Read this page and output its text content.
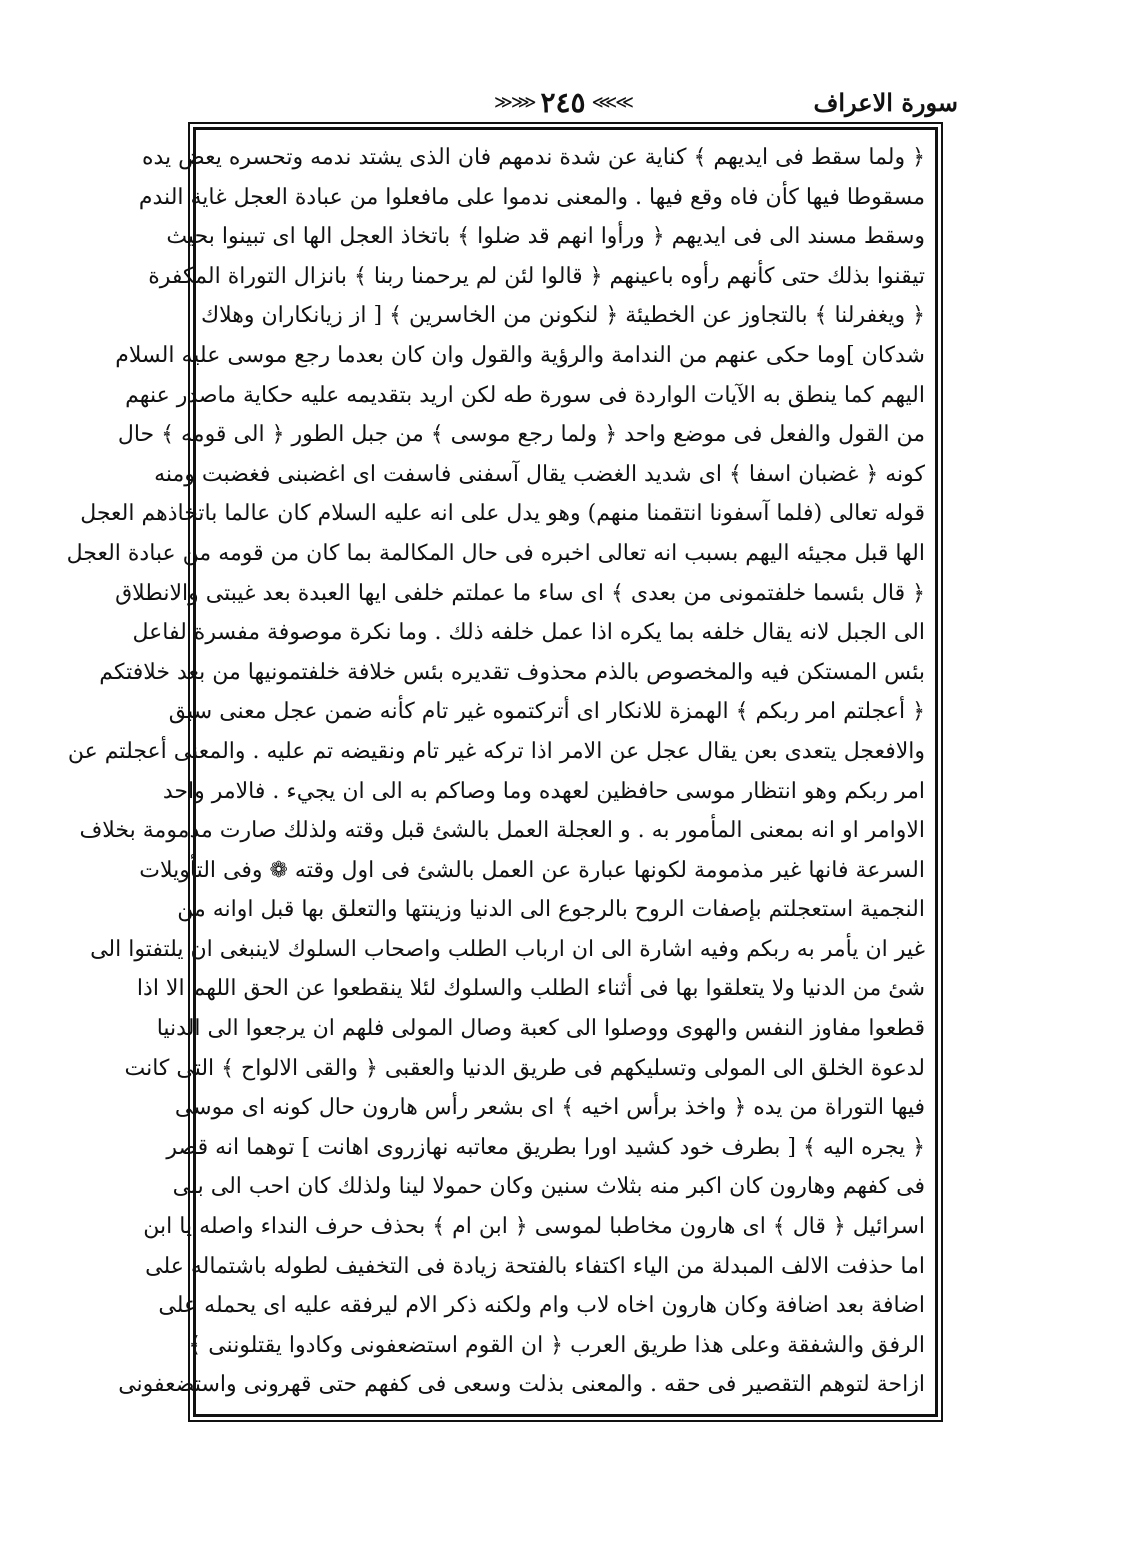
سورة الاعراف
≫⋙ ٢٤٥ ⋘≪
﴿ ولما سقط فى ايديهم ﴾ كناية عن شدة ندمهم فان الذى يشتد ندمه وتحسره يعض يده
مسقوطا فيها كأن فاه وقع فيها . والمعنى ندموا على مافعلوا من عبادة العجل غاية الندم
وسقط مسند الى فى ايديهم ﴿ ورأوا انهم قد ضلوا ﴾ باتخاذ العجل الها اى تبينوا بحيث
تيقنوا بذلك حتى كأنهم رأوه باعينهم ﴿ قالوا لئن لم يرحمنا ربنا ﴾ بانزال التوراة المكفرة
﴿ ويغفرلنا ﴾ بالتجاوز عن الخطيئة ﴿ لنكونن من الخاسرين ﴾ [ از زيانكاران وهلاك
شدكان ]وما حكى عنهم من الندامة والرؤية والقول وان كان بعدما رجع موسى عليه السلام
اليهم كما ينطق به الآيات الواردة فى سورة طه لكن اريد بتقديمه عليه حكاية ماصدر عنهم
من القول والفعل فى موضع واحد ﴿ ولما رجع موسى ﴾ من جبل الطور ﴿ الى قومه ﴾ حال
كونه ﴿ غضبان اسفا ﴾ اى شديد الغضب يقال آسفنى فاسفت اى اغضبنى فغضبت ومنه
قوله تعالى (فلما آسفونا انتقمنا منهم) وهو يدل على انه عليه السلام كان عالما باتخاذهم العجل
الها قبل مجيئه اليهم بسبب انه تعالى اخبره فى حال المكالمة بما كان من قومه من عبادة العجل
﴿ قال بئسما خلفتمونى من بعدى ﴾ اى ساء ما عملتم خلفى ايها العبدة بعد غيبتى والانطلاق
الى الجبل لانه يقال خلفه بما يكره اذا عمل خلفه ذلك . وما نكرة موصوفة مفسرة لفاعل
بئس المستكن فيه والمخصوص بالذم محذوف تقديره بئس خلافة خلفتمونيها من بعد خلافتكم
﴿ أعجلتم امر ربكم ﴾ الهمزة للانكار اى أتركتموه غير تام كأنه ضمن عجل معنى سبق
والافعجل يتعدى بعن يقال عجل عن الامر اذا تركه غير تام ونقيضه تم عليه . والمعنى أعجلتم عن
امر ربكم وهو انتظار موسى حافظين لعهده وما وصاكم به الى ان يجيء . فالامر واحد
الاوامر او انه بمعنى المأمور به . و العجلة العمل بالشئ قبل وقته ولذلك صارت مذمومة بخلاف
السرعة فانها غير مذمومة لكونها عبارة عن العمل بالشئ فى اول وقته ❁ وفى التأويلات
النجمية استعجلتم بإصفات الروح بالرجوع الى الدنيا وزينتها والتعلق بها قبل اوانه من
غير ان يأمر به ربكم وفيه اشارة الى ان ارباب الطلب واصحاب السلوك لاينبغى ان يلتفتوا الى
شئ من الدنيا ولا يتعلقوا بها فى أثناء الطلب والسلوك لئلا ينقطعوا عن الحق اللهم الا اذا
قطعوا مفاوز النفس والهوى ووصلوا الى كعبة وصال المولى فلهم ان يرجعوا الى الدنيا
لدعوة الخلق الى المولى وتسليكهم فى طريق الدنيا والعقبى ﴿ والقى الالواح ﴾ التى كانت
فيها التوراة من يده ﴿ واخذ برأس اخيه ﴾ اى بشعر رأس هارون حال كونه اى موسى
﴿ يجره اليه ﴾ [ بطرف خود كشيد اورا بطريق معاتبه نهازروى اهانت ] توهما انه قصر
فى كفهم وهارون كان اكبر منه بثلاث سنين وكان حمولا لينا ولذلك كان احب الى بنى
اسرائيل ﴿ قال ﴾ اى هارون مخاطبا لموسى ﴿ ابن ام ﴾ بحذف حرف النداء واصله يا ابن
اما حذفت الالف المبدلة من الياء اكتفاء بالفتحة زيادة فى التخفيف لطوله باشتماله على
اضافة بعد اضافة وكان هارون اخاه لاب وام ولكنه ذكر الام ليرفقه عليه اى يحمله على
الرفق والشفقة وعلى هذا طريق العرب ﴿ ان القوم استضعفونى وكادوا يقتلوننى ﴾
ازاحة لتوهم التقصير فى حقه . والمعنى بذلت وسعى فى كفهم حتى قهرونى واستضعفونى
